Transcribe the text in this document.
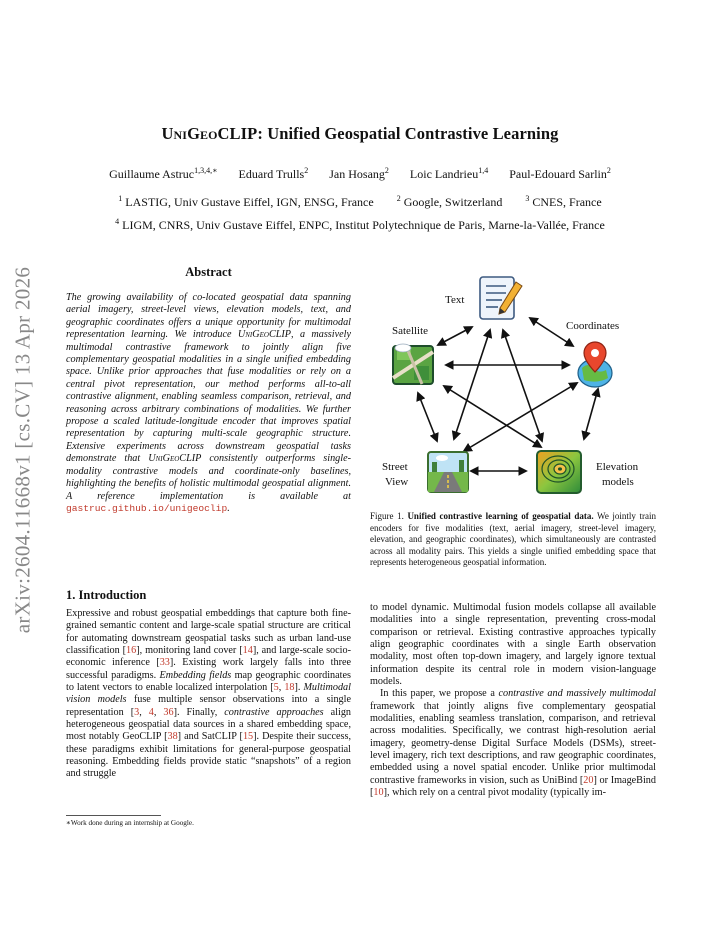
arXiv:2604.11668v1 [cs.CV] 13 Apr 2026
UniGeoCLIP: Unified Geospatial Contrastive Learning
Guillaume Astruc$^{1,3,4,∗}$ Eduard Trulls$^2$ Jan Hosang$^2$ Loic Landrieu$^{1,4}$ Paul-Edouard Sarlin$^2$
$^1$ LASTIG, Univ Gustave Eiffel, IGN, ENSG, France	$^2$ Google, Switzerland	$^3$ CNES, France
$^4$ LIGM, CNRS, Univ Gustave Eiffel, ENPC, Institut Polytechnique de Paris, Marne-la-Vallée, France
Abstract
The growing availability of co-located geospatial data spanning aerial imagery, street-level views, elevation models, text, and geographic coordinates offers a unique opportunity for multimodal representation learning. We introduce UniGeoCLIP, a massively multimodal contrastive framework to jointly align five complementary geospatial modalities in a single unified embedding space. Unlike prior approaches that fuse modalities or rely on a central pivot representation, our method performs all-to-all contrastive alignment, enabling seamless comparison, retrieval, and reasoning across arbitrary combinations of modalities. We further propose a scaled latitude-longitude encoder that improves spatial representation by capturing multi-scale geographic structure. Extensive experiments across downstream geospatial tasks demonstrate that UniGeoCLIP consistently outperforms single-modality contrastive models and coordinate-only baselines, highlighting the benefits of holistic multimodal geospatial alignment. A reference implementation is available at gastruc.github.io/unigeoclip.
1. Introduction
Expressive and robust geospatial embeddings that capture both fine-grained semantic content and large-scale spatial structure are critical for automating downstream geospatial tasks such as urban land-use classification [16], monitoring land cover [14], and large-scale socio-economic inference [33]. Existing work largely falls into three successful paradigms. Embedding fields map geographic coordinates to latent vectors to enable localized interpolation [5, 18]. Multimodal vision models fuse multiple sensor observations into a single representation [3, 4, 36]. Finally, contrastive approaches align heterogeneous geospatial data sources in a shared embedding space, most notably GeoCLIP [38] and SatCLIP [15]. Despite their success, these paradigms exhibit limitations for general-purpose geospatial reasoning. Embedding fields provide static “snapshots” of a region and struggle
∗Work done during an internship at Google.
Text
Satellite	Coordinates
Street
View
Elevation
models
Figure 1. Unified contrastive learning of geospatial data. We jointly train encoders for five modalities (text, aerial imagery, street-level imagery, elevation, and geographic coordinates), which simultaneously are contrasted across all modality pairs. This yields a single unified embedding space that represents heterogeneous geospatial information.

to model dynamic. Multimodal fusion models collapse all available modalities into a single representation, preventing cross-modal comparison or retrieval. Existing contrastive approaches typically align geographic coordinates with a single Earth observation modality, most often top-down imagery, and largely ignore textual information despite its central role in modern vision-language models.

In this paper, we propose a contrastive and massively multimodal framework that jointly aligns five complementary geospatial modalities, enabling seamless translation, comparison, and retrieval across modalities. Specifically, we contrast high-resolution aerial imagery, geometry-dense Digital Surface Models (DSMs), street-level imagery, rich text descriptions, and raw geographic coordinates, embedded using a novel spatial encoder. Unlike prior multimodal contrastive frameworks in vision, such as UniBind [20] or ImageBind [10], which rely on a central pivot modality (typically im-
